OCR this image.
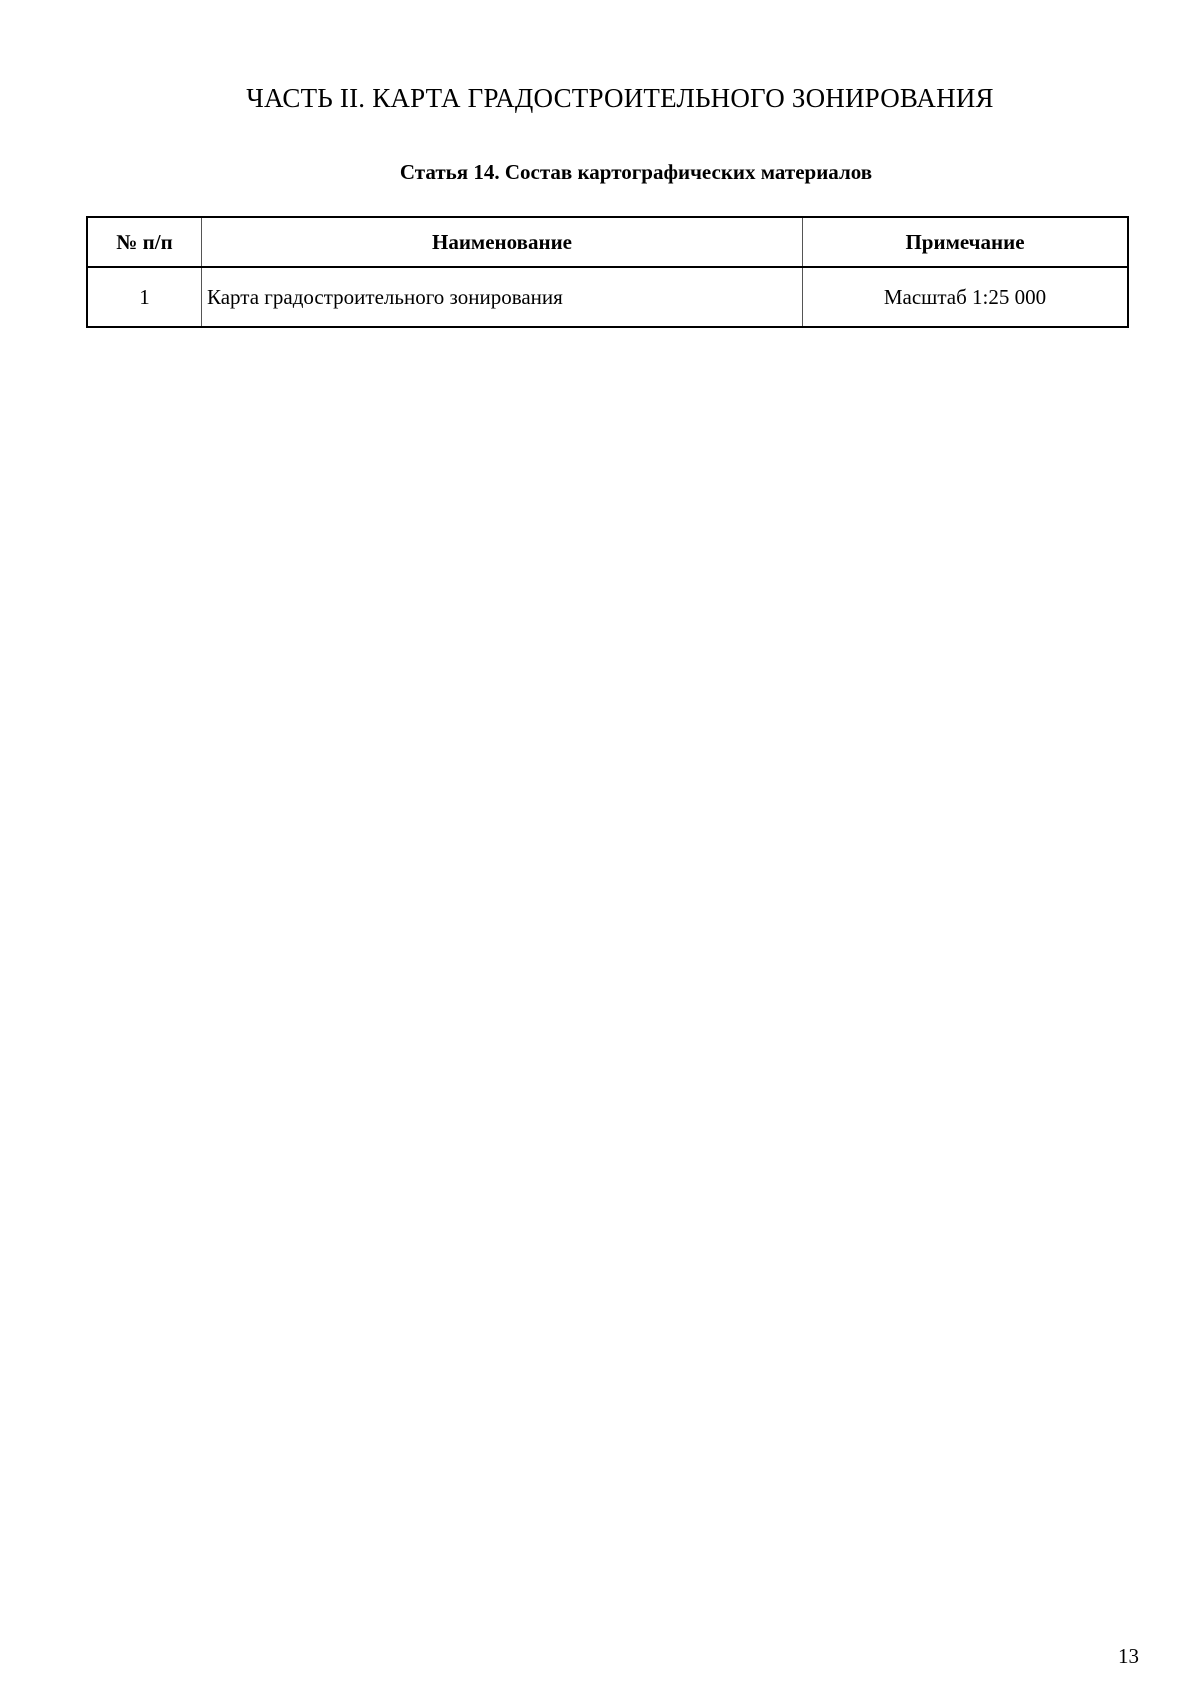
ЧАСТЬ II. КАРТА ГРАДОСТРОИТЕЛЬНОГО ЗОНИРОВАНИЯ
Статья 14. Состав картографических материалов
№ п/п	Наименование	Примечание
1	Карта градостроительного зонирования	Масштаб 1:25 000
13
